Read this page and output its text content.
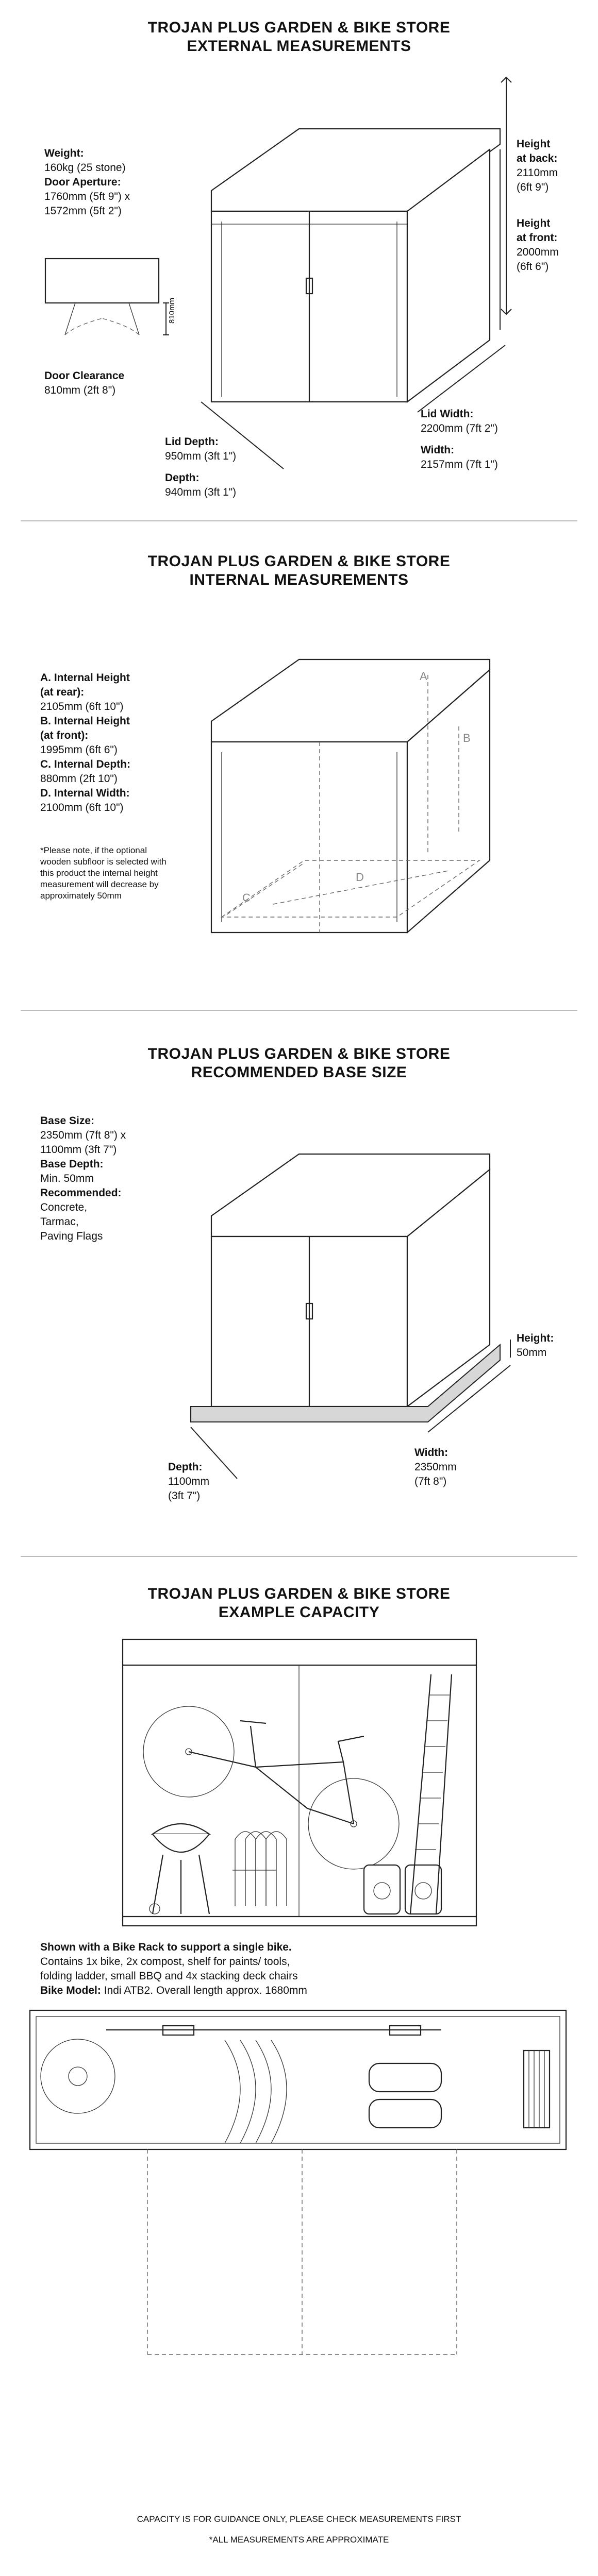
TROJAN PLUS GARDEN & BIKE STORE
EXTERNAL MEASUREMENTS
Weight:
160kg (25 stone)
Door Aperture:
1760mm (5ft 9") x
1572mm (5ft 2")
810mm
Door Clearance
810mm (2ft 8")
Height
at back:
2110mm
(6ft 9")
Height
at front:
2000mm
(6ft 6")
Lid Depth:
950mm (3ft 1")
Depth:
940mm (3ft 1")
Lid Width:
2200mm (7ft 2")
Width:
2157mm (7ft 1")
TROJAN PLUS GARDEN & BIKE STORE
INTERNAL MEASUREMENTS
A. Internal Height
(at rear):
2105mm (6ft 10")
B. Internal Height
(at front):
1995mm (6ft 6")
C. Internal Depth:
880mm (2ft 10")
D. Internal Width:
2100mm (6ft 10")
*Please note, if the optional wooden subfloor is selected with this product the internal height measurement will decrease by approximately 50mm
A
B
C
D
TROJAN PLUS GARDEN & BIKE STORE
RECOMMENDED BASE SIZE
Base Size:
2350mm (7ft 8") x
1100mm (3ft 7")
Base Depth:
Min. 50mm
Recommended:
Concrete,
Tarmac,
Paving Flags
Height:
50mm
Depth:
1100mm
(3ft 7")
Width:
2350mm
(7ft 8")
TROJAN PLUS GARDEN & BIKE STORE
EXAMPLE CAPACITY
Shown with a Bike Rack to support a single bike.
Contains 1x bike, 2x compost, shelf for paints/ tools,
folding ladder, small BBQ and 4x stacking deck chairs
Bike Model: Indi ATB2. Overall length approx. 1680mm
CAPACITY IS FOR GUIDANCE ONLY, PLEASE CHECK MEASUREMENTS FIRST
*ALL MEASUREMENTS ARE APPROXIMATE
